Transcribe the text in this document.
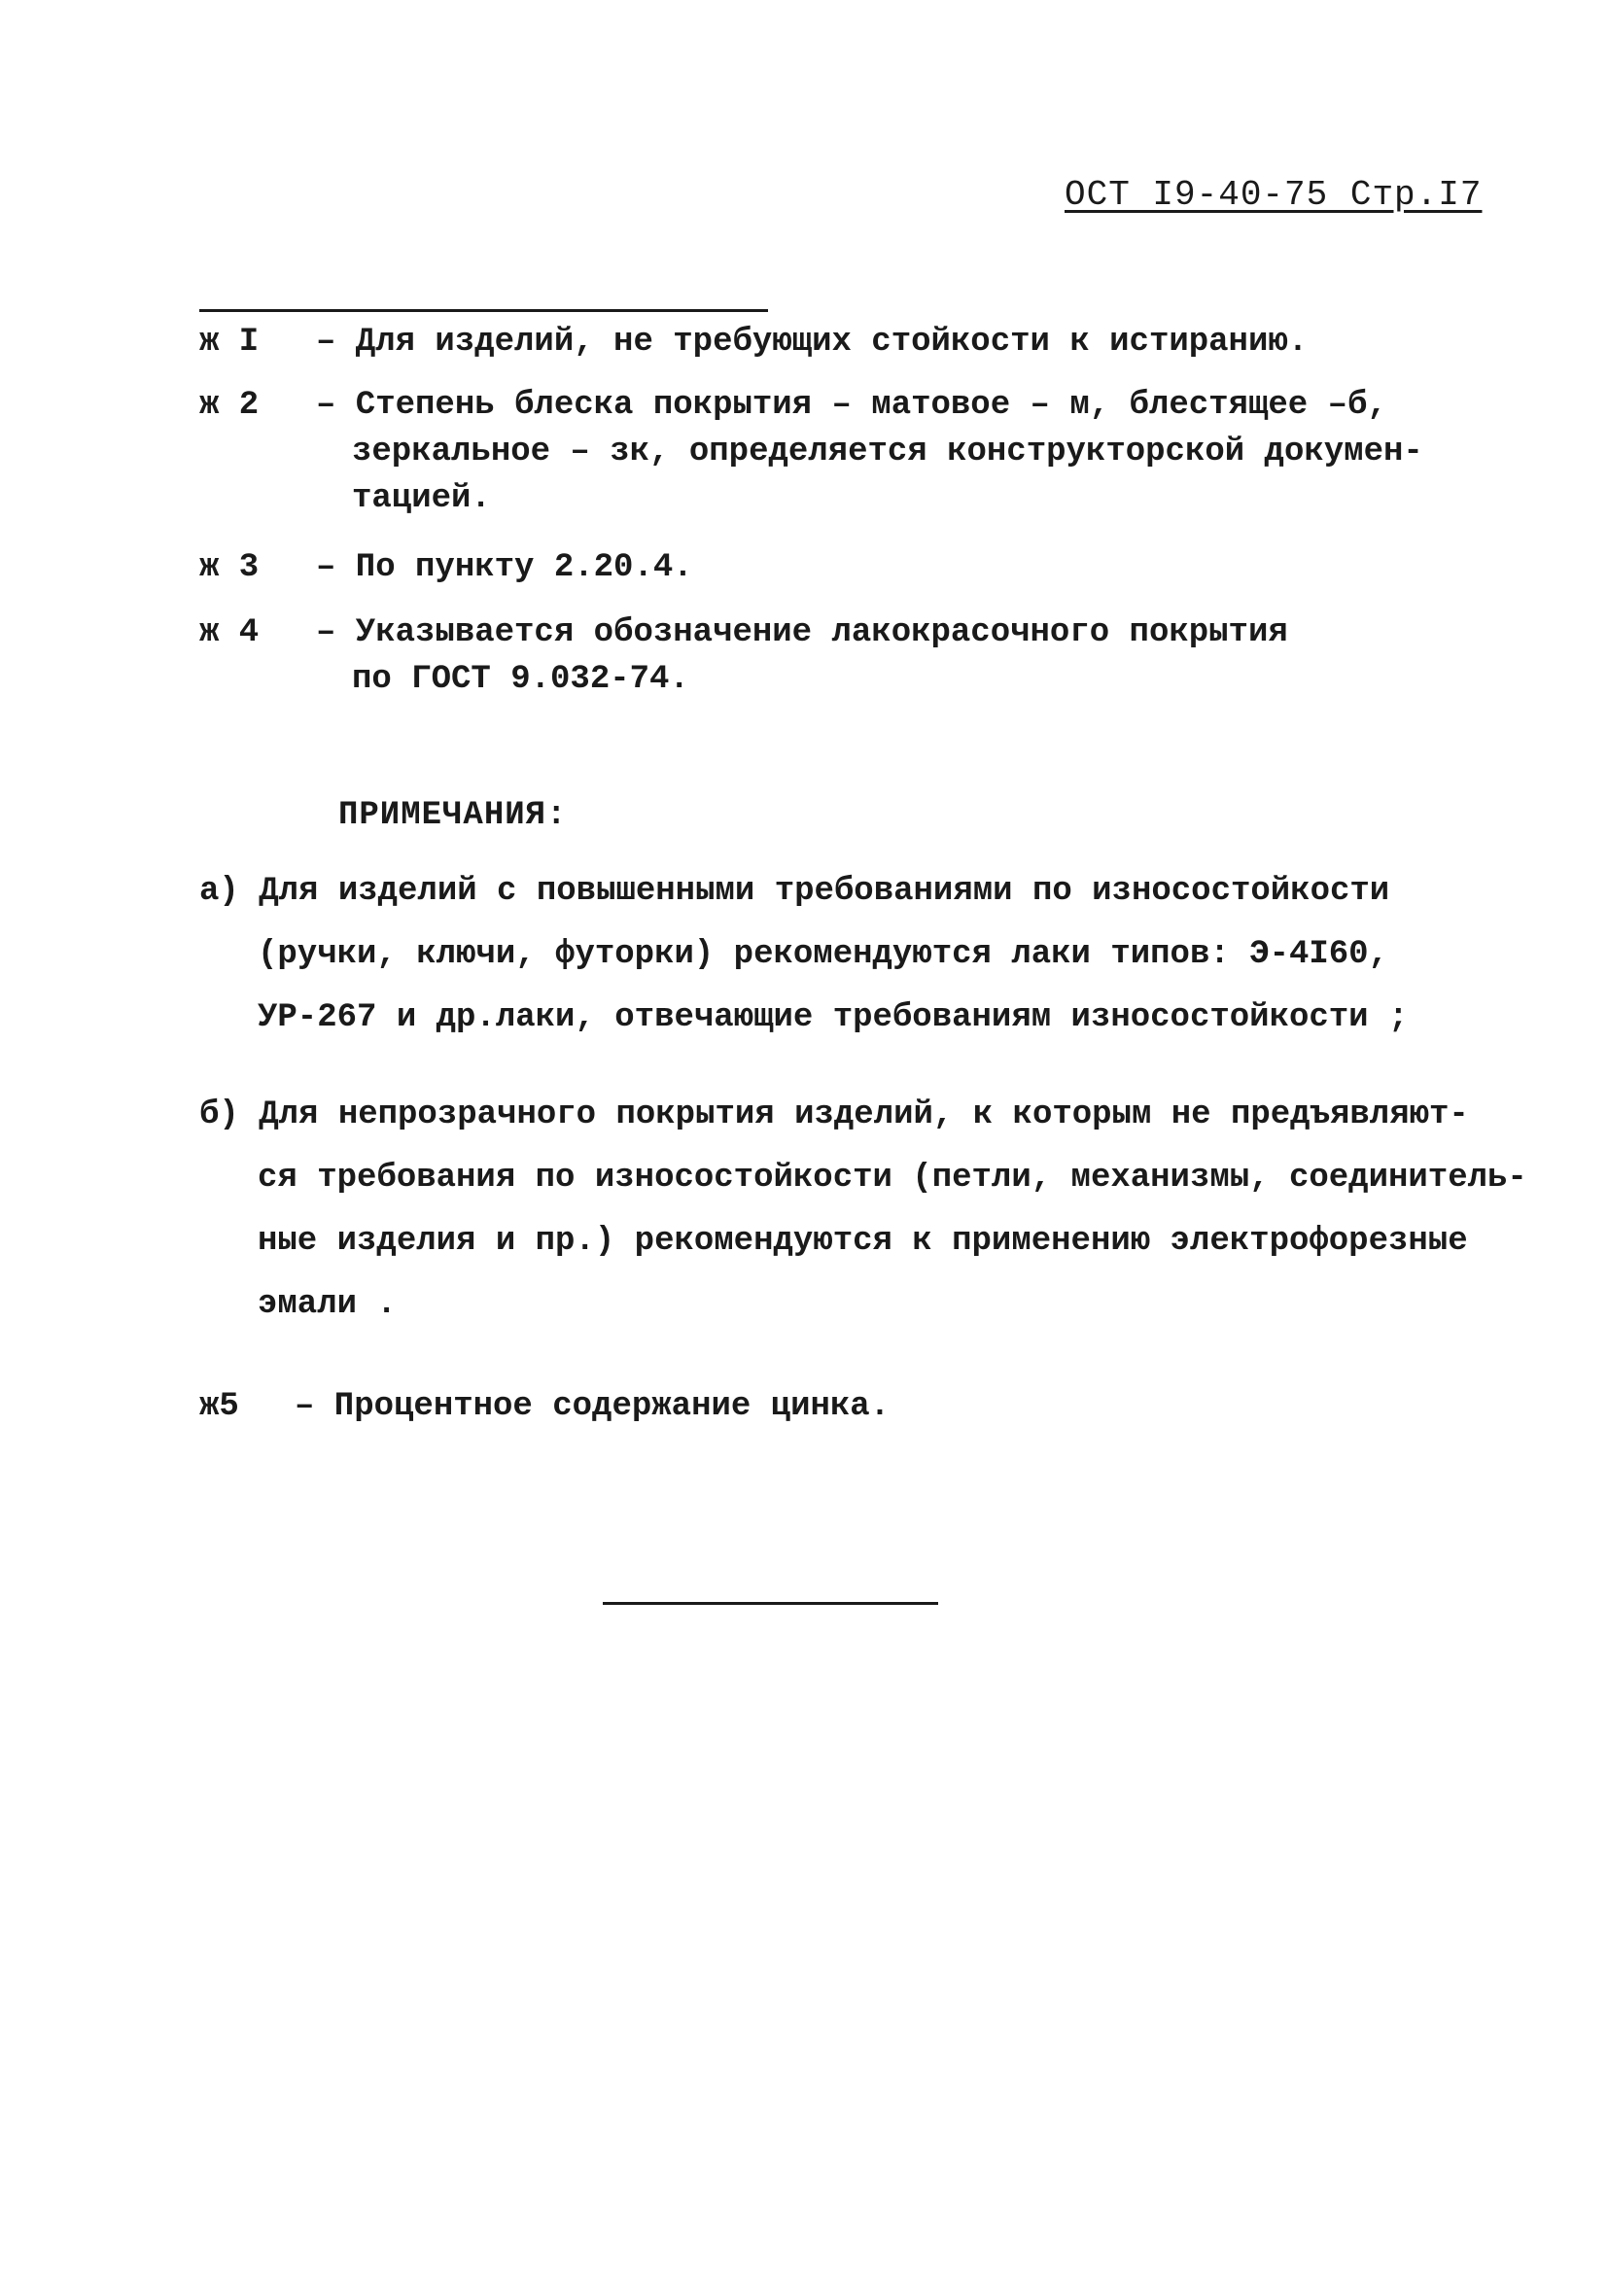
ОСТ I9-40-75 Стр.I7
ж I – Для изделий, не требующих стойкости к истиранию.
ж 2 – Степень блеска покрытия – матовое – м, блестящее –б,
зеркальное – зк, определяется конструкторской докумен-
тацией.
ж 3 – По пункту 2.20.4.
ж 4 – Указывается обозначение лакокрасочного покрытия
по ГОСТ 9.032-74.
ПРИМЕЧАНИЯ:
а) Для изделий с повышенными требованиями по износостойкости
(ручки, ключи, футорки) рекомендуются лаки типов: Э-4I60,
УР-267 и др.лаки, отвечающие требованиям износостойкости ;
б) Для непрозрачного покрытия изделий, к которым не предъявляют-
ся требования по износостойкости (петли, механизмы, соединитель-
ные изделия и пр.) рекомендуются к применению электрофорезные
эмали .
ж5 – Процентное содержание цинка.
